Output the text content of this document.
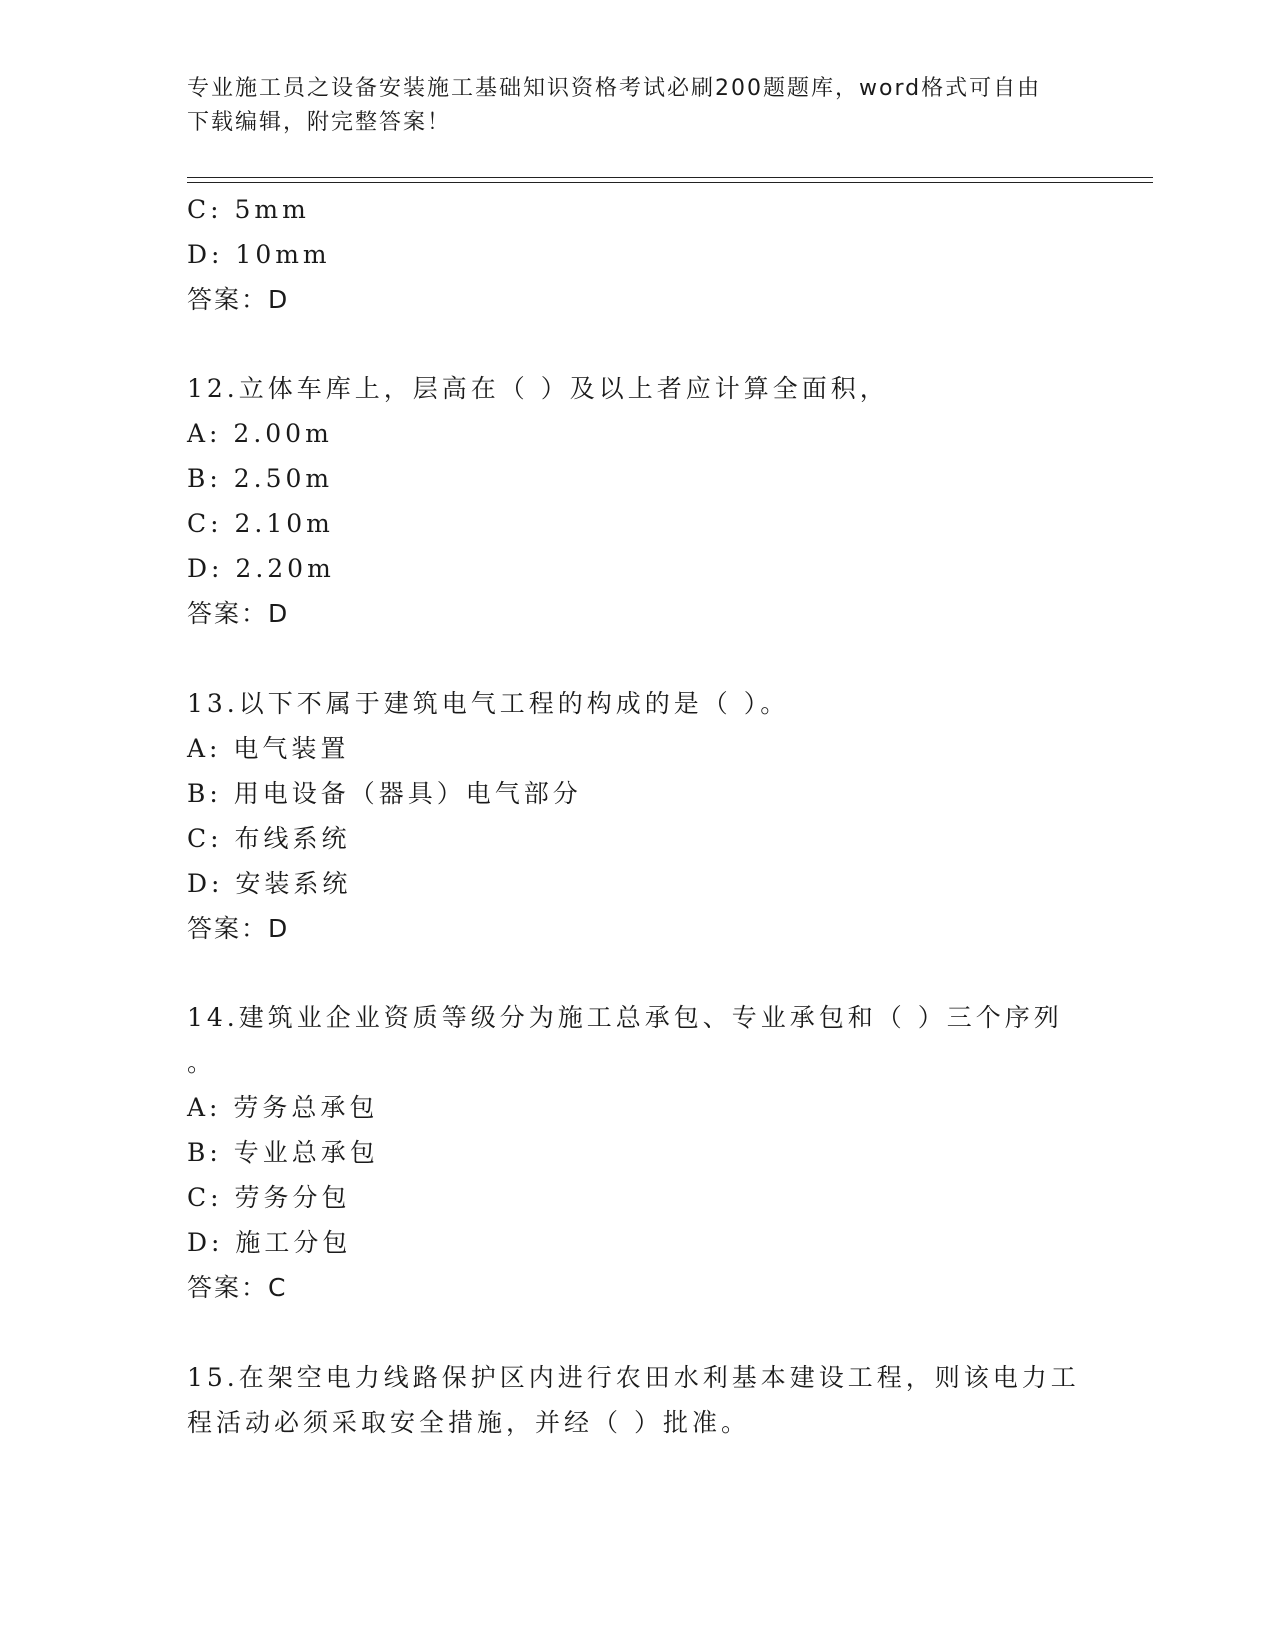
专业施工员之设备安装施工基础知识资格考试必刷200题题库，word格式可自由
下载编辑，附完整答案！
C: 5mm
D: 10mm
答案：D
12.立体车库上，层高在（ ）及以上者应计算全面积，
A: 2.00m
B: 2.50m
C: 2.10m
D: 2.20m
答案：D
13.以下不属于建筑电气工程的构成的是（ ）。
A: 电气装置
B: 用电设备（器具）电气部分
C: 布线系统
D: 安装系统
答案：D
14.建筑业企业资质等级分为施工总承包、专业承包和（ ）三个序列
。
A: 劳务总承包
B: 专业总承包
C: 劳务分包
D: 施工分包
答案：C
15.在架空电力线路保护区内进行农田水利基本建设工程，则该电力工
程活动必须采取安全措施，并经（ ）批准。
